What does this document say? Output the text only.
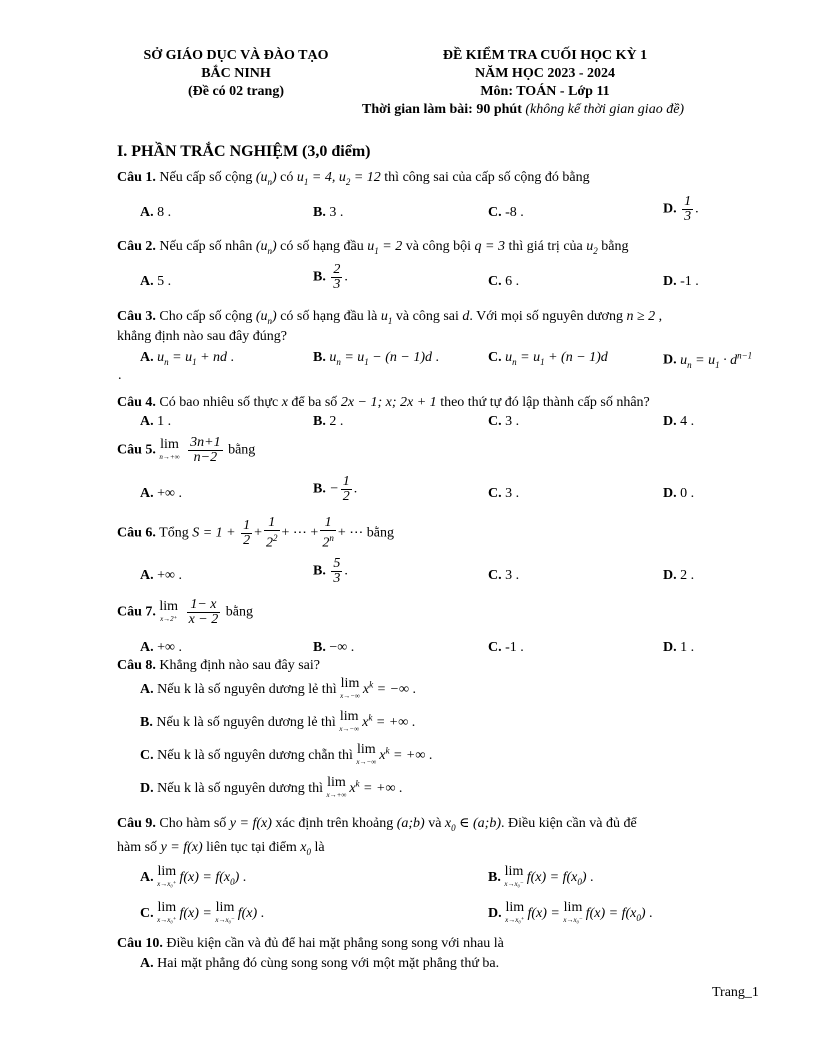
SỞ GIÁO DỤC VÀ ĐÀO TẠO
BẮC NINH
(Đề có 02 trang)
ĐỀ KIỂM TRA CUỐI HỌC KỲ 1
NĂM HỌC 2023 - 2024
Môn: TOÁN - Lớp 11
Thời gian làm bài: 90 phút (không kể thời gian giao đề)
I. PHẦN TRẮC NGHIỆM (3,0 điểm)
Câu 1. Nếu cấp số cộng $(u_n)$ có $u_1 = 4$, $u_2 = 12$ thì công sai của cấp số cộng đó bằng
A. 8 .	B. 3 .	C. -8 .	D. $\frac{1}{3}$ .
Câu 2. Nếu cấp số nhân $(u_n)$ có số hạng đầu $u_1 = 2$ và công bội q = 3 thì giá trị của $u_2$ bằng
A. 5 .	B. $\frac{2}{3}$ .	C. 6 .	D. -1 .
Câu 3. Cho cấp số cộng $(u_n)$ có số hạng đầu là $u_1$ và công sai d. Với mọi số nguyên dương n ≥ 2 ,
khẳng định nào sau đây đúng?
A. $u_n = u_1$ + nd .	B. $u_n = u_1 - (n - 1)d$ .	C. $u_n = u_1 + (n - 1)d$	D. $u_n = u_1 \cdot d^{n-1}$
.
Câu 4. Có bao nhiêu số thực x để ba số 2x − 1; x; 2x + 1 theo thứ tự đó lập thành cấp số nhân?
A. 1 .	B. 2 .	C. 3 .	D. 4 .
Câu 5. lim
n→+∞
$\frac{3n+1}{n-2}$ bằng
A. +∞ .	B. − $\frac{1}{2}$ .	C. 3 .	D. 0 .
Câu 6. Tổng $S = 1 + \frac{1}{2} + \frac{1}{2^2}$ + ⋯ + $\frac{1}{2^n}$ + ⋯ bằng
A. +∞ .	B. $\frac{5}{3}$ .	C. 3 .	D. 2 .
Câu 7. lim
x→2⁺
$\frac{1- x}{x - 2}$ bằng
A. +∞ .	B. −∞ .	C. -1 .	D. 1 .
Câu 8. Khẳng định nào sau đây sai?
A. Nếu k là số nguyên dương lẻ thì lim
x→−∞ $x^k$ = −∞ .
B. Nếu k là số nguyên dương lẻ thì lim
x→−∞ $x^k$ = +∞ .
C. Nếu k là số nguyên dương chẵn thì lim
x→−∞ $x^k$ = +∞ .
D. Nếu k là số nguyên dương thì lim
x→+∞ $x^k$ = +∞ .
Câu 9. Cho hàm số y = f(x) xác định trên khoảng (a;b) và $x_0$ ∈ (a;b). Điều kiện cần và đủ để
hàm số y = f(x) liên tục tại điểm $x_0$ là
A. lim
x→x₀⁺ $f(x) = f(x_0)$ .	B. lim
x→x₀⁻ $f(x) = f(x_0)$ .
C. lim
x→x₀⁺ f(x) = lim
x→x₀⁻ f(x) .	D. lim
x→x₀⁺ f(x) = lim
x→x₀⁻ $f(x) = f(x_0)$ .
Câu 10. Điều kiện cần và đủ để hai mặt phẳng song song với nhau là
A. Hai mặt phẳng đó cùng song song với một mặt phẳng thứ ba.
Trang_1
